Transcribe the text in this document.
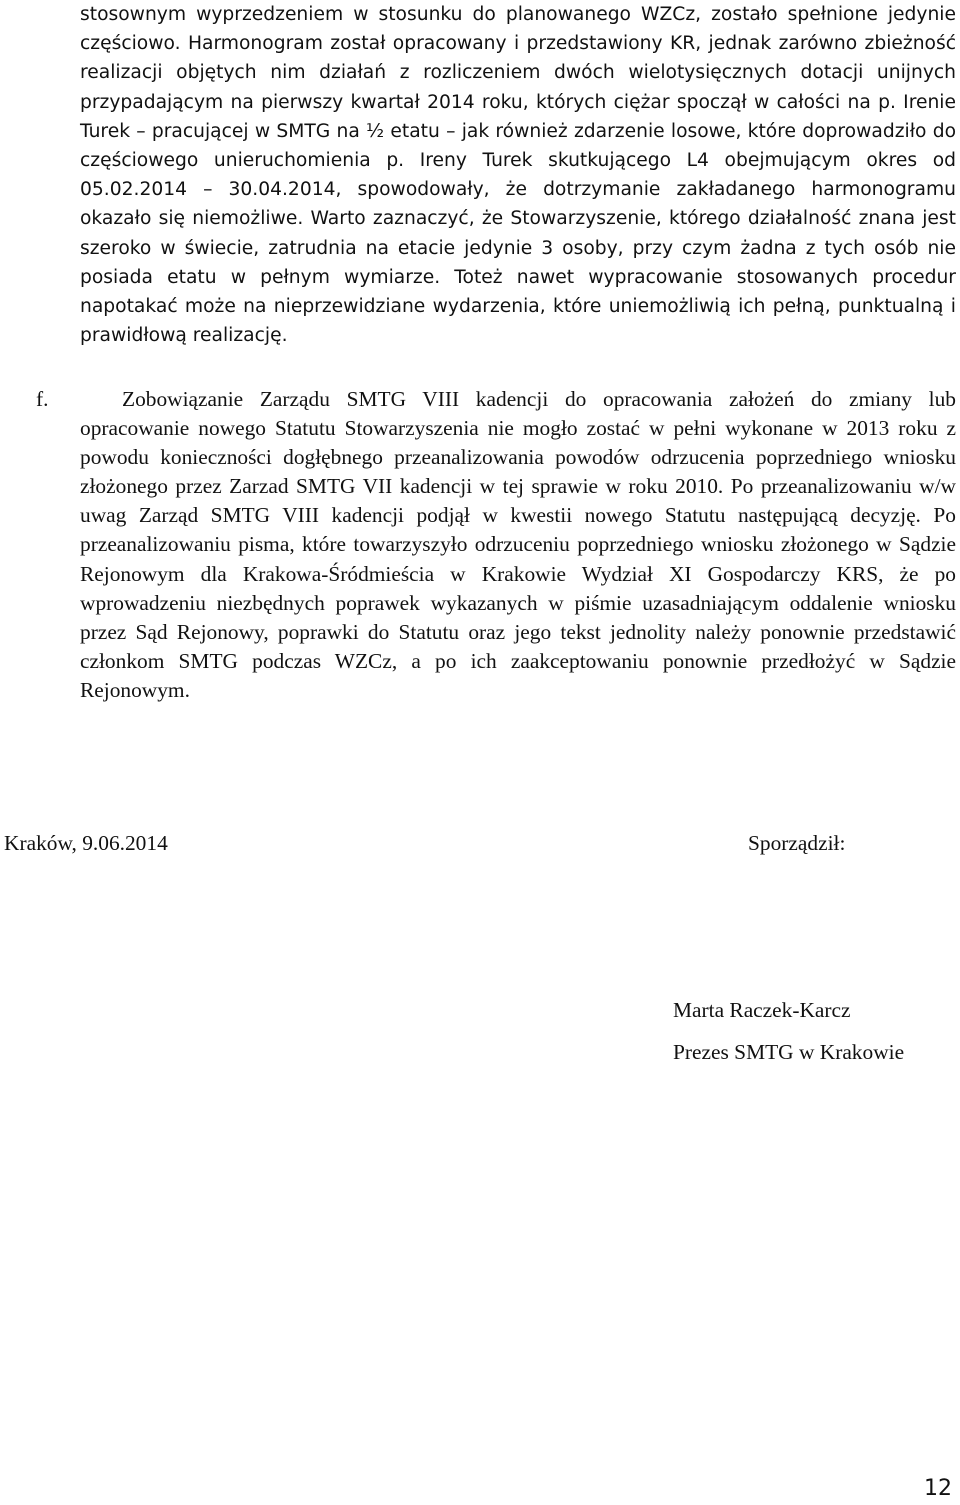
stosownym wyprzedzeniem w stosunku do planowanego WZCz, zostało spełnione jedynie częściowo. Harmonogram został opracowany i przedstawiony KR, jednak zarówno zbieżność realizacji objętych nim działań z rozliczeniem dwóch wielotysięcznych dotacji unijnych przypadającym na pierwszy kwartał 2014 roku, których ciężar spoczął w całości na p. Irenie Turek – pracującej w SMTG na ½ etatu – jak również zdarzenie losowe, które doprowadziło do częściowego unieruchomienia p. Ireny Turek skutkującego L4 obejmującym okres od 05.02.2014 – 30.04.2014, spowodowały, że dotrzymanie zakładanego harmonogramu okazało się niemożliwe. Warto zaznaczyć, że Stowarzyszenie, którego działalność znana jest szeroko w świecie, zatrudnia na etacie jedynie 3 osoby, przy czym żadna z tych osób nie posiada etatu w pełnym wymiarze. Toteż nawet wypracowanie stosowanych procedur napotakać może na nieprzewidziane wydarzenia, które uniemożliwią ich pełną, punktualną i prawidłową realizację.

f.	Zobowiązanie Zarządu SMTG VIII kadencji do opracowania założeń do zmiany lub opracowanie nowego Statutu Stowarzyszenia nie mogło zostać w pełni wykonane w 2013 roku z powodu konieczności dogłębnego przeanalizowania powodów odrzucenia poprzedniego wniosku złożonego przez Zarzad SMTG VII kadencji w tej sprawie w roku 2010. Po przeanalizowaniu w/w uwag Zarząd SMTG VIII kadencji podjął w kwestii nowego Statutu następującą decyzję. Po przeanalizowaniu pisma, które towarzyszyło odrzuceniu poprzedniego wniosku złożonego w Sądzie Rejonowym dla Krakowa-Śródmieścia w Krakowie Wydział XI Gospodarczy KRS, że po wprowadzeniu niezbędnych poprawek wykazanych w piśmie uzasadniającym oddalenie wniosku przez Sąd Rejonowy, poprawki do Statutu oraz jego tekst jednolity należy ponownie przedstawić członkom SMTG podczas WZCz, a po ich zaakceptowaniu ponownie przedłożyć w Sądzie Rejonowym.

Kraków, 9.06.2014	Sporządził:
Marta Raczek-Karcz
Prezes SMTG w Krakowie
12
